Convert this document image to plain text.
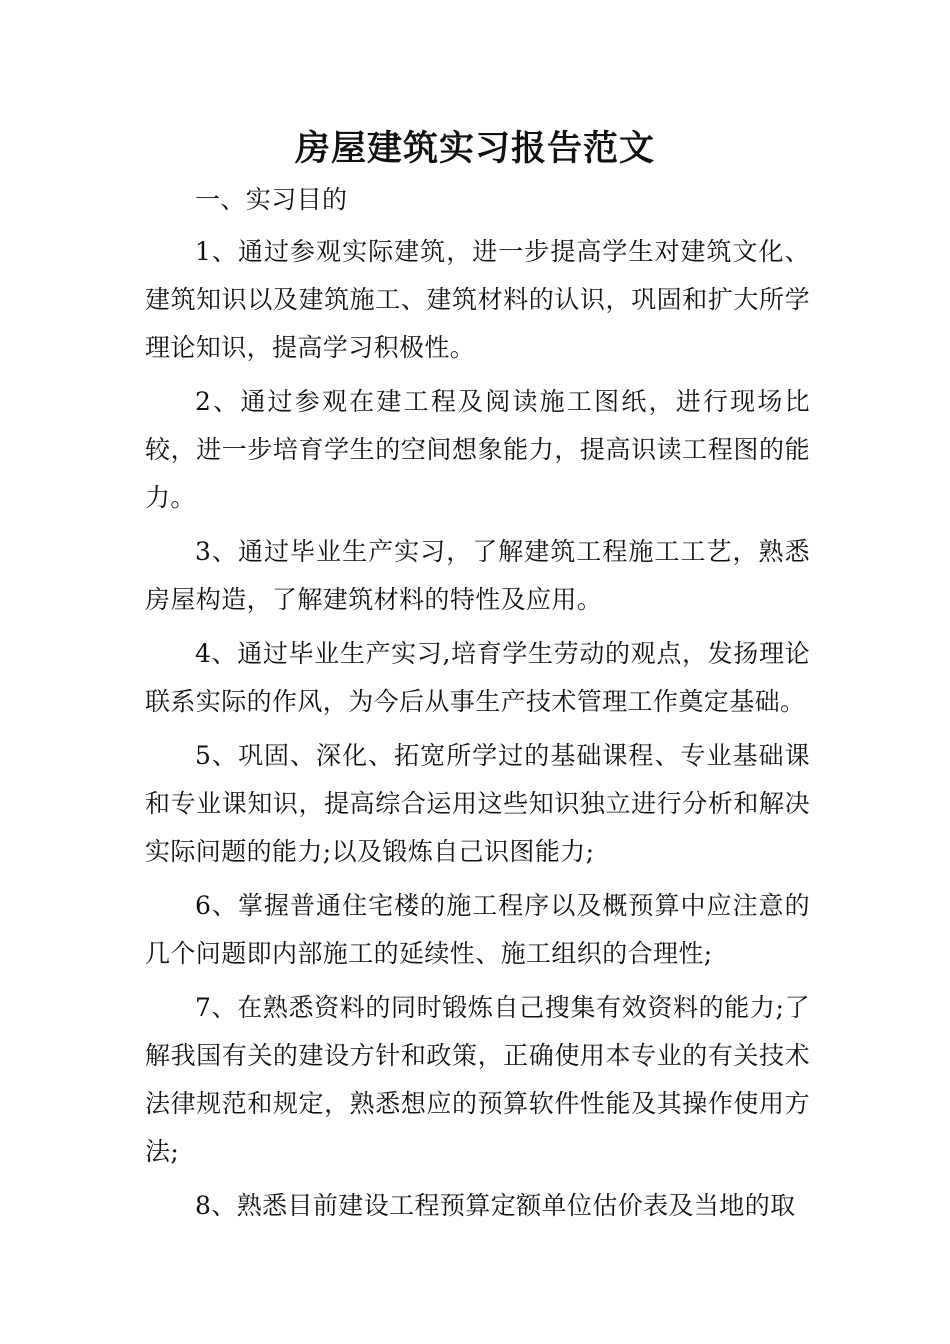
房屋建筑实习报告范文

一、实习目的

1、通过参观实际建筑，进一步提高学生对建筑文化、建筑知识以及建筑施工、建筑材料的认识，巩固和扩大所学理论知识，提高学习积极性。

2、通过参观在建工程及阅读施工图纸，进行现场比较，进一步培育学生的空间想象能力，提高识读工程图的能力。

3、通过毕业生产实习，了解建筑工程施工工艺，熟悉房屋构造，了解建筑材料的特性及应用。

4、通过毕业生产实习,培育学生劳动的观点，发扬理论联系实际的作风，为今后从事生产技术管理工作奠定基础。

5、巩固、深化、拓宽所学过的基础课程、专业基础课和专业课知识，提高综合运用这些知识独立进行分析和解决实际问题的能力;以及锻炼自己识图能力;

6、掌握普通住宅楼的施工程序以及概预算中应注意的几个问题即内部施工的延续性、施工组织的合理性;

7、在熟悉资料的同时锻炼自己搜集有效资料的能力;了解我国有关的建设方针和政策，正确使用本专业的有关技术法律规范和规定，熟悉想应的预算软件性能及其操作使用方法;

8、熟悉目前建设工程预算定额单位估价表及当地的取
